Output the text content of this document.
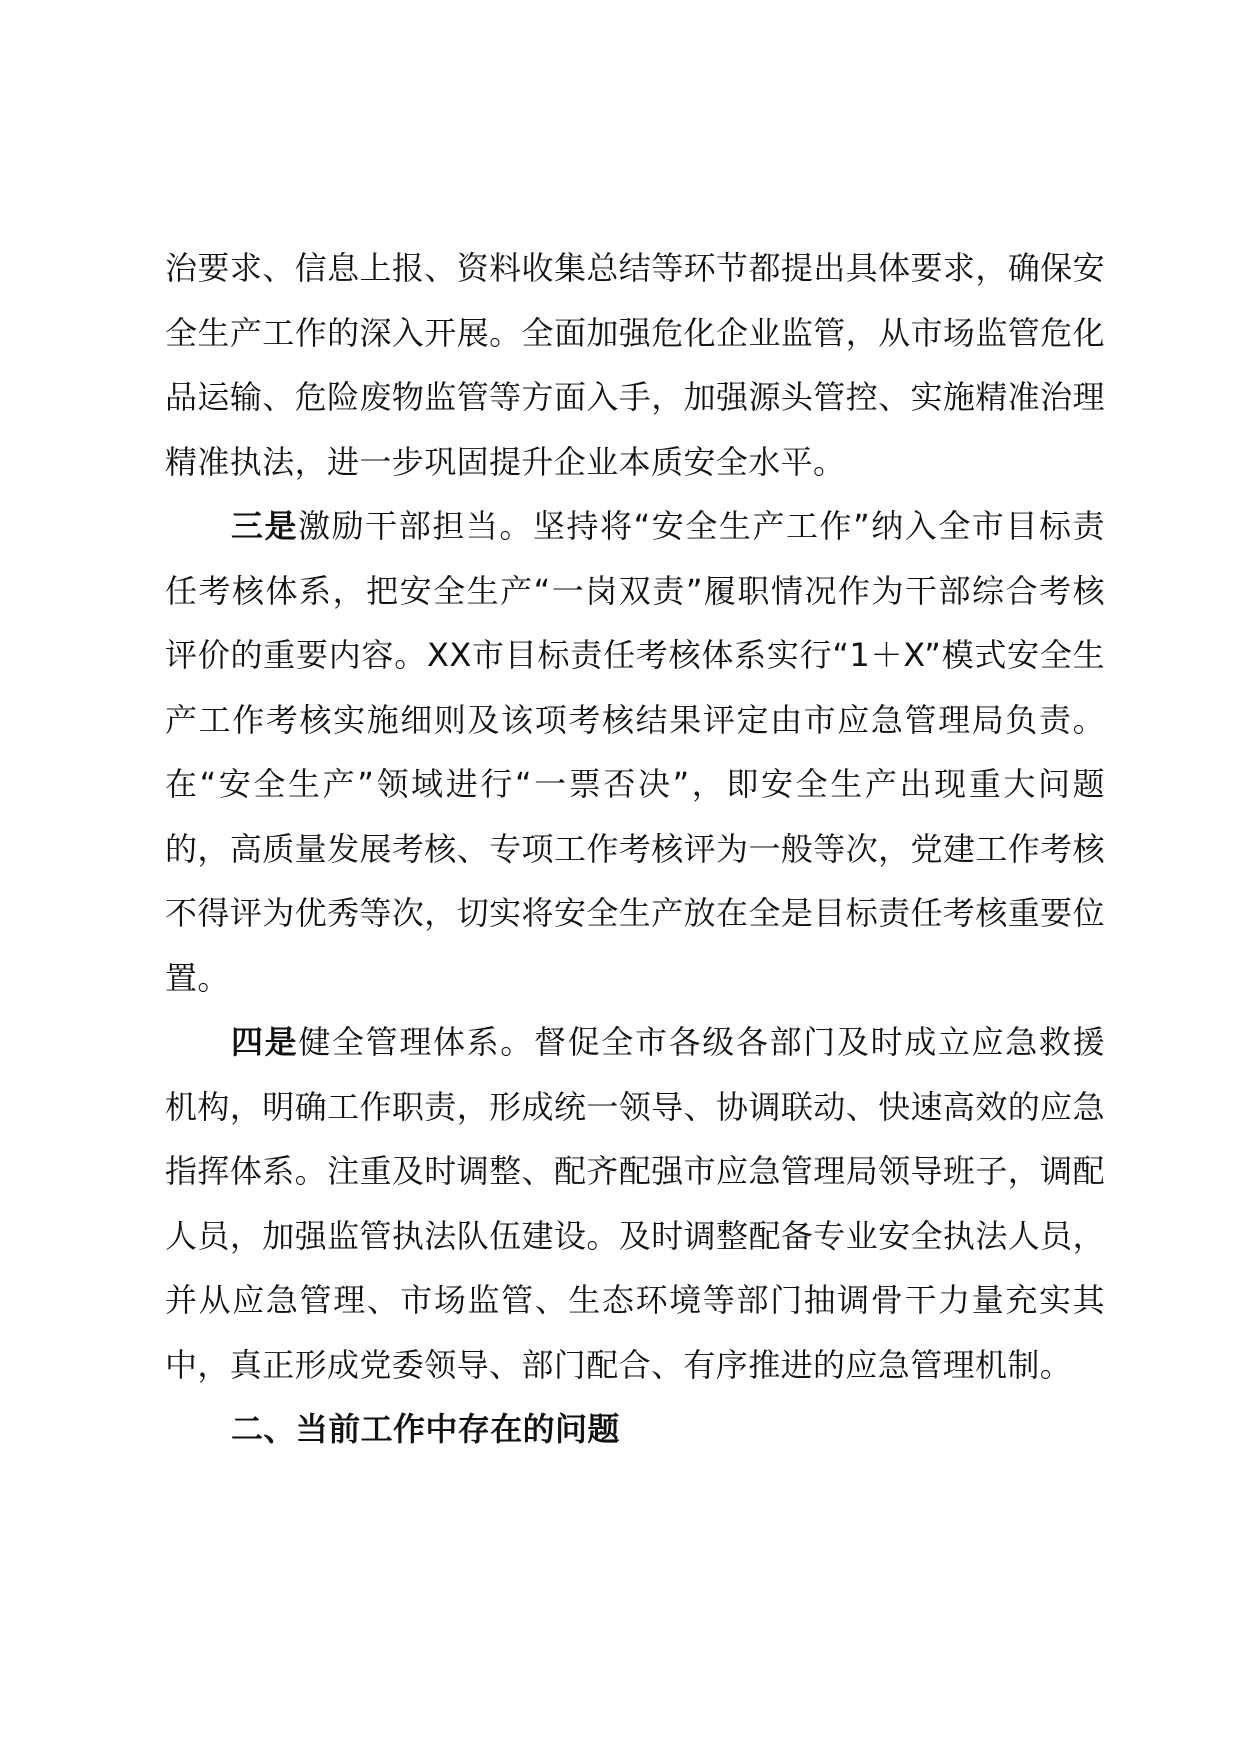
治要求、信息上报、资料收集总结等环节都提出具体要求，确保安全生产工作的深入开展。全面加强危化企业监管，从市场监管危化品运输、危险废物监管等方面入手，加强源头管控、实施精准治理精准执法，进一步巩固提升企业本质安全水平。

三是激励干部担当。坚持将“安全生产工作”纳入全市目标责任考核体系，把安全生产“一岗双责”履职情况作为干部综合考核评价的重要内容。XX市目标责任考核体系实行“1＋X”模式安全生产工作考核实施细则及该项考核结果评定由市应急管理局负责。在“安全生产”领域进行“一票否决”，即安全生产出现重大问题的，高质量发展考核、专项工作考核评为一般等次，党建工作考核不得评为优秀等次，切实将安全生产放在全是目标责任考核重要位置。

四是健全管理体系。督促全市各级各部门及时成立应急救援机构，明确工作职责，形成统一领导、协调联动、快速高效的应急指挥体系。注重及时调整、配齐配强市应急管理局领导班子，调配人员，加强监管执法队伍建设。及时调整配备专业安全执法人员，并从应急管理、市场监管、生态环境等部门抽调骨干力量充实其中，真正形成党委领导、部门配合、有序推进的应急管理机制。

二、当前工作中存在的问题
